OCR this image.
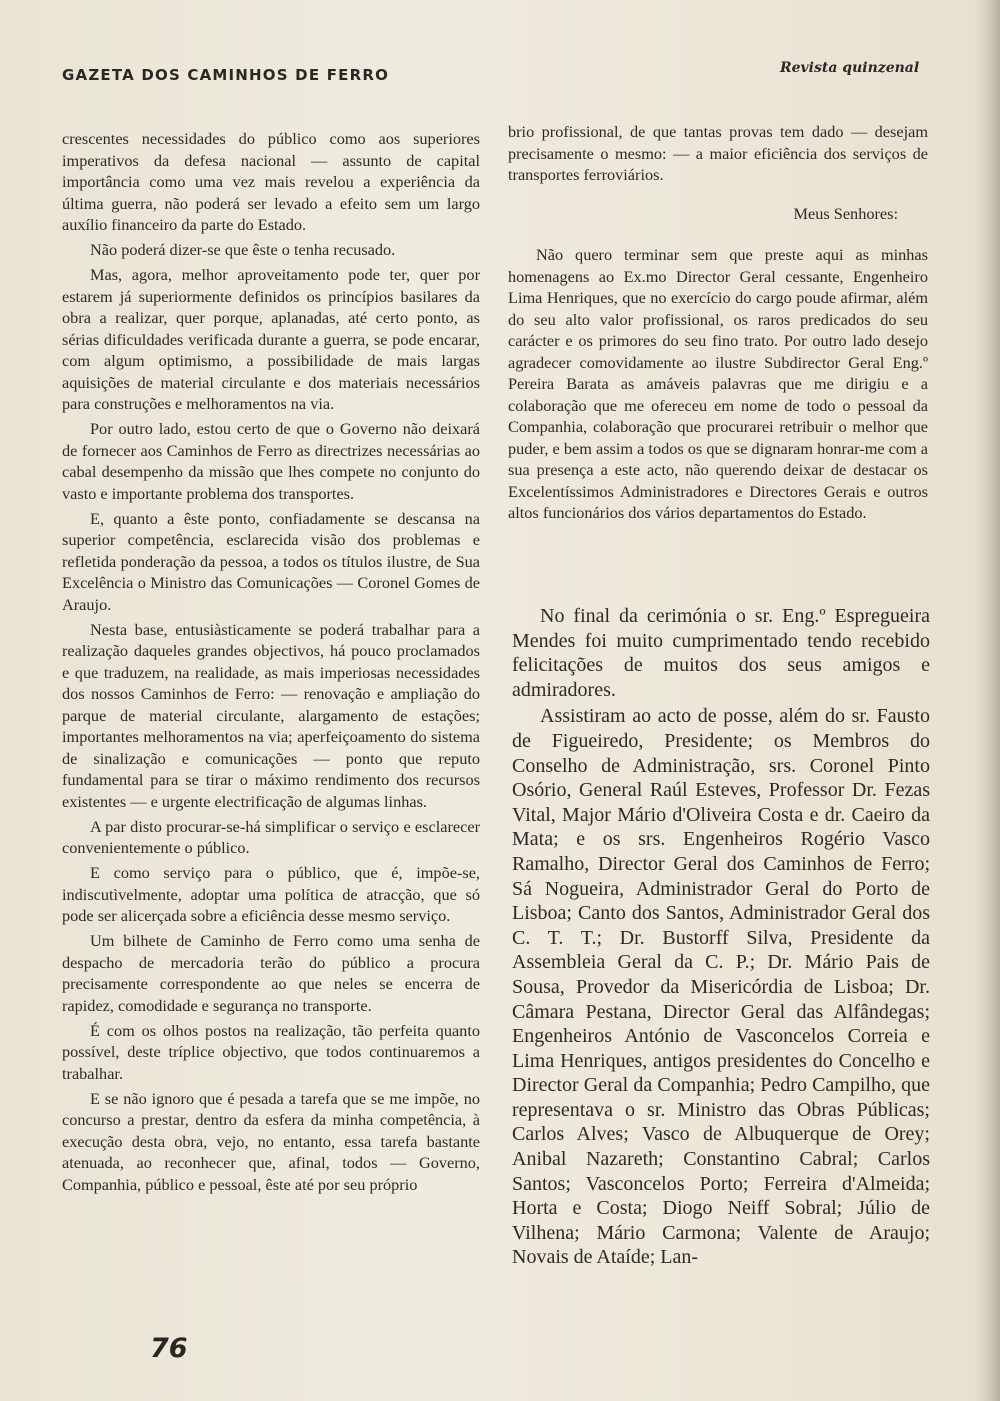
GAZETA DOS CAMINHOS DE FERRO	Revista quinzenal

crescentes necessidades do público como aos superiores imperativos da defesa nacional — assunto de capital importância como uma vez mais revelou a experiência da última guerra, não poderá ser levado a efeito sem um largo auxílio financeiro da parte do Estado.

Não poderá dizer-se que êste o tenha recusado.

Mas, agora, melhor aproveitamento pode ter, quer por estarem já superiormente definidos os princípios basilares da obra a realizar, quer porque, aplanadas, até certo ponto, as sérias dificuldades verificada durante a guerra, se pode encarar, com algum optimismo, a possibilidade de mais largas aquisições de material circulante e dos materiais necessários para construções e melhoramentos na via.

Por outro lado, estou certo de que o Governo não deixará de fornecer aos Caminhos de Ferro as directrizes necessárias ao cabal desempenho da missão que lhes compete no conjunto do vasto e importante problema dos transportes.

E, quanto a êste ponto, confiadamente se descansa na superior competência, esclarecida visão dos problemas e refletida ponderação da pessoa, a todos os títulos ilustre, de Sua Excelência o Ministro das Comunicações — Coronel Gomes de Araujo.

Nesta base, entusiàsticamente se poderá trabalhar para a realização daqueles grandes objectivos, há pouco proclamados e que traduzem, na realidade, as mais imperiosas necessidades dos nossos Caminhos de Ferro: — renovação e ampliação do parque de material circulante, alargamento de estações; importantes melhoramentos na via; aperfeiçoamento do sistema de sinalização e comunicações — ponto que reputo fundamental para se tirar o máximo rendimento dos recursos existentes — e urgente electrificação de algumas linhas.

A par disto procurar-se-há simplificar o serviço e esclarecer convenientemente o público.

E como serviço para o público, que é, impõe-se, indiscutìvelmente, adoptar uma política de atracção, que só pode ser alicerçada sobre a eficiência desse mesmo serviço.

Um bilhete de Caminho de Ferro como uma senha de despacho de mercadoria terão do público a procura precisamente correspondente ao que neles se encerra de rapidez, comodidade e segurança no transporte.

É com os olhos postos na realização, tão perfeita quanto possível, deste tríplice objectivo, que todos continuaremos a trabalhar.

E se não ignoro que é pesada a tarefa que se me impõe, no concurso a prestar, dentro da esfera da minha competência, à execução desta obra, vejo, no entanto, essa tarefa bastante atenuada, ao reconhecer que, afinal, todos — Governo, Companhia, público e pessoal, êste até por seu próprio

brio profissional, de que tantas provas tem dado — desejam precisamente o mesmo: — a maior eficiência dos serviços de transportes ferroviários.

Meus Senhores:

Não quero terminar sem que preste aqui as minhas homenagens ao Ex.mo Director Geral cessante, Engenheiro Lima Henriques, que no exercício do cargo poude afirmar, além do seu alto valor profissional, os raros predicados do seu carácter e os primores do seu fino trato. Por outro lado desejo agradecer comovidamente ao ilustre Subdirector Geral Eng.º Pereira Barata as amáveis palavras que me dirigiu e a colaboração que me ofereceu em nome de todo o pessoal da Companhia, colaboração que procurarei retribuir o melhor que puder, e bem assim a todos os que se dignaram honrar-me com a sua presença a este acto, não querendo deixar de destacar os Excelentíssimos Administradores e Directores Gerais e outros altos funcionários dos vários departamentos do Estado.

No final da cerimónia o sr. Eng.º Espregueira Mendes foi muito cumprimentado tendo recebido felicitações de muitos dos seus amigos e admiradores.

Assistiram ao acto de posse, além do sr. Fausto de Figueiredo, Presidente; os Membros do Conselho de Administração, srs. Coronel Pinto Osório, General Raúl Esteves, Professor Dr. Fezas Vital, Major Mário d'Oliveira Costa e dr. Caeiro da Mata; e os srs. Engenheiros Rogério Vasco Ramalho, Director Geral dos Caminhos de Ferro; Sá Nogueira, Administrador Geral do Porto de Lisboa; Canto dos Santos, Administrador Geral dos C. T. T.; Dr. Bustorff Silva, Presidente da Assembleia Geral da C. P.; Dr. Mário Pais de Sousa, Provedor da Misericórdia de Lisboa; Dr. Câmara Pestana, Director Geral das Alfândegas; Engenheiros António de Vasconcelos Correia e Lima Henriques, antigos presidentes do Concelho e Director Geral da Companhia; Pedro Campilho, que representava o sr. Ministro das Obras Públicas; Carlos Alves; Vasco de Albuquerque de Orey; Anibal Nazareth; Constantino Cabral; Carlos Santos; Vasconcelos Porto; Ferreira d'Almeida; Horta e Costa; Diogo Neiff Sobral; Júlio de Vilhena; Mário Carmona; Valente de Araujo; Novais de Ataíde; Lan-

76
